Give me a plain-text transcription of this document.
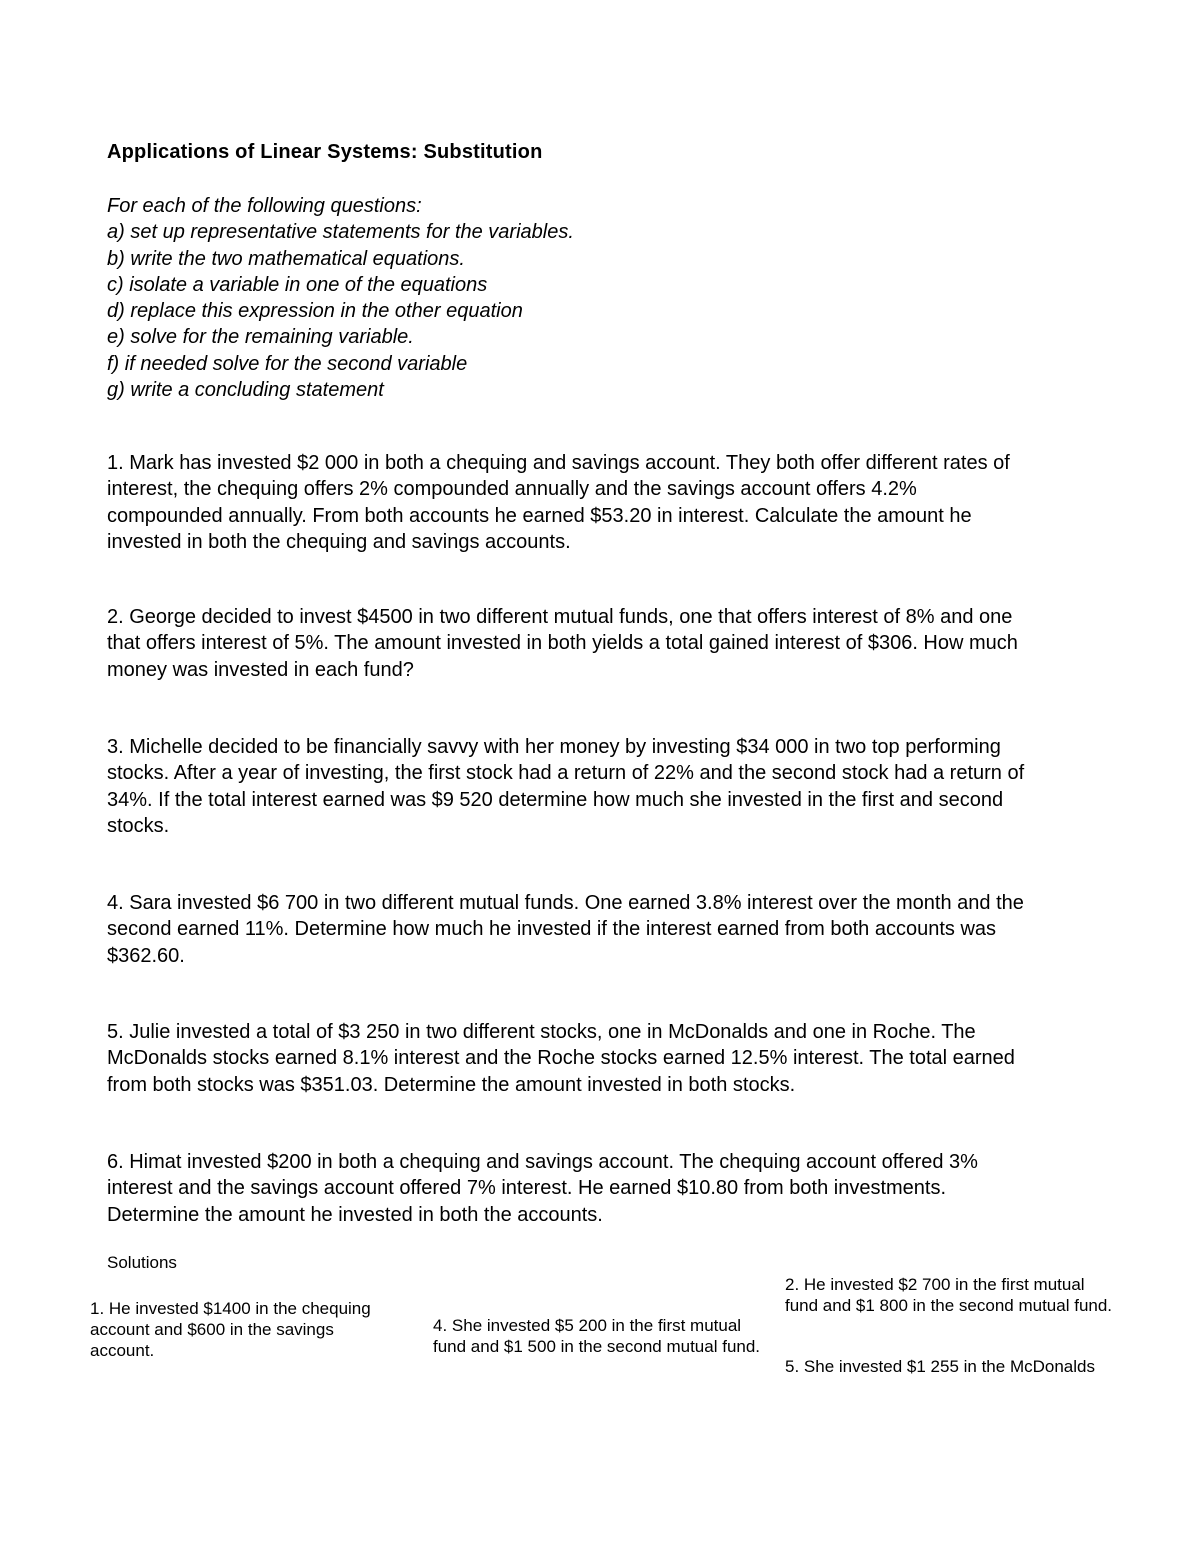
Applications of Linear Systems: Substitution
For each of the following questions:
a) set up representative statements for the variables.
b) write the two mathematical equations.
c) isolate a variable in one of the equations
d) replace this expression in the other equation
e) solve for the remaining variable.
f) if needed solve for the second variable
g) write a concluding statement

1. Mark has invested $2 000 in both a chequing and savings account. They both offer different rates of interest, the chequing offers 2% compounded annually and the savings account offers 4.2% compounded annually. From both accounts he earned $53.20 in interest. Calculate the amount he invested in both the chequing and savings accounts.

2. George decided to invest $4500 in two different mutual funds, one that offers interest of 8% and one that offers interest of 5%. The amount invested in both yields a total gained interest of $306. How much money was invested in each fund?

3. Michelle decided to be financially savvy with her money by investing $34 000 in two top performing stocks. After a year of investing, the first stock had a return of 22% and the second stock had a return of 34%. If the total interest earned was $9 520 determine how much she invested in the first and second stocks.

4. Sara invested $6 700 in two different mutual funds. One earned 3.8% interest over the month and the second earned 11%. Determine how much he invested if the interest earned from both accounts was $362.60.

5. Julie invested a total of $3 250 in two different stocks, one in McDonalds and one in Roche. The McDonalds stocks earned 8.1% interest and the Roche stocks earned 12.5% interest. The total earned from both stocks was $351.03. Determine the amount invested in both stocks.

6. Himat invested $200 in both a chequing and savings account. The chequing account offered 3% interest and the savings account offered 7% interest. He earned $10.80 from both investments. Determine the amount he invested in both the accounts.

Solutions
1. He invested $1400 in the chequing account and $600 in the savings account.
4. She invested $5 200 in the first mutual fund and $1 500 in the second mutual fund.
2. He invested $2 700 in the first mutual fund and $1 800 in the second mutual fund.
5. She invested $1 255 in the McDonalds
